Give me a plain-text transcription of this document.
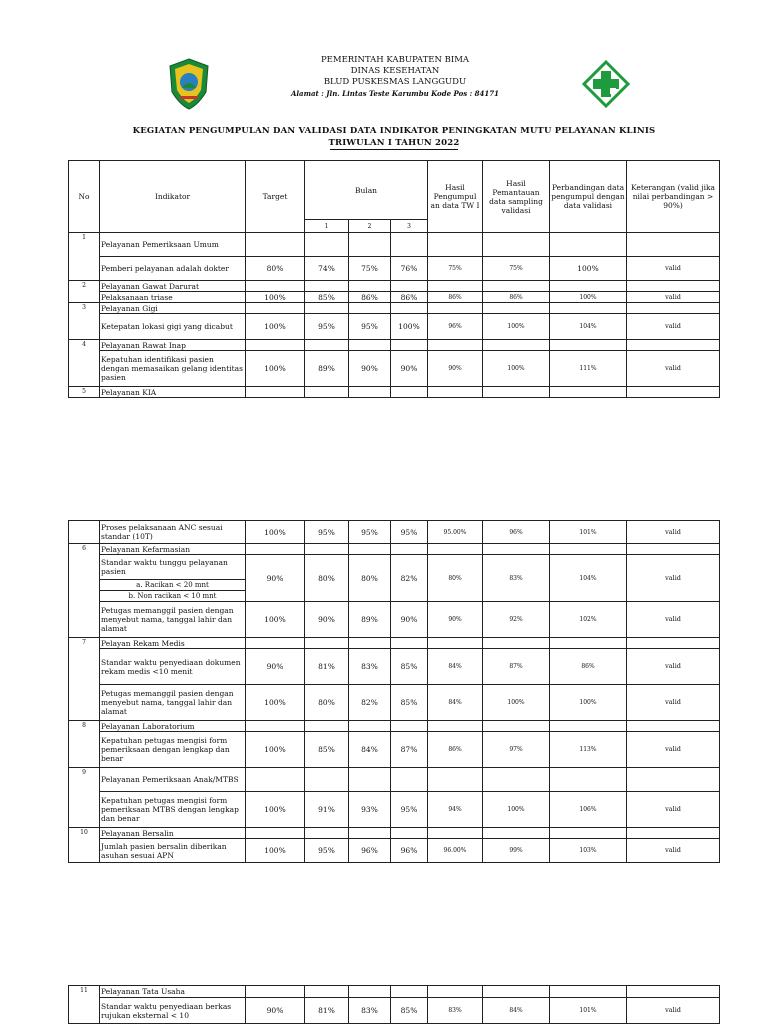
PEMERINTAH KABUPATEN BIMA
DINAS KESEHATAN
BLUD PUSKESMAS LANGGUDU
Alamat : Jln. Lintas Teste Karumbu Kode Pos : 84171
KEGIATAN PENGUMPULAN DAN VALIDASI DATA INDIKATOR PENINGKATAN MUTU PELAYANAN KLINIS
TRIWULAN I TAHUN 2022
No	Indikator	Target	Bulan			Hasil Pengumpul an data TW I	Hasil Pemantauan data sampling validasi	Perbandingan data pengumpul dengan data validasi	Keterangan (valid jika nilai perbandingan > 90%)
			1	2	3				
1	Pelayanan Pemeriksaan Umum								
	Pemberi pelayanan adalah dokter	80%	74%	75%	76%	75%	75%	100%	valid
2	Pelayanan Gawat Darurat								
	Pelaksanaan triase	100%	85%	86%	86%	86%	86%	100%	valid
3	Pelayanan Gigi								
	Ketepatan lokasi gigi yang dicabut	100%	95%	95%	100%	96%	100%	104%	valid
4	Pelayanan Rawat Inap								
	Kepatuhan identifikasi pasien dengan memasaikan gelang identitas pasien	100%	89%	90%	90%	90%	100%	111%	valid
5	Pelayanan KIA								
	Proses pelaksanaan ANC sesuai standar (10T)	100%	95%	95%	95%	95.00%	96%	101%	valid
6	Pelayanan Kefarmasian								
	Standar waktu tunggu pelayanan pasien	90%	80%	80%	82%	80%	83%	104%	valid
	a. Racikan < 20 mnt								
	b. Non racikan < 10 mnt								
	Petugas memanggil pasien dengan menyebut nama, tanggal lahir dan alamat	100%	90%	89%	90%	90%	92%	102%	valid
7	Pelayan Rekam Medis								
	Standar waktu penyediaan dokumen rekam medis <10 menit	90%	81%	83%	85%	84%	87%	86%	valid
	Petugas memanggil pasien dengan menyebut nama, tanggal lahir dan alamat	100%	80%	82%	85%	84%	100%	100%	valid
8	Pelayanan Laboratorium								
	Kepatuhan petugas mengisi form pemeriksaan dengan lengkap dan benar	100%	85%	84%	87%	86%	97%	113%	valid
9	Pelayanan Pemeriksaan Anak/MTBS								
	Kepatuhan petugas mengisi form pemeriksaan MTBS dengan lengkap dan benar	100%	91%	93%	95%	94%	100%	106%	valid
10	Pelayanan Bersalin								
	Jumlah pasien bersalin diberikan asuhan sesuai APN	100%	95%	96%	96%	96.00%	99%	103%	valid
11	Pelayanan Tata Usaha								
	Standar waktu penyediaan berkas rujukan eksternal < 10	90%	81%	83%	85%	83%	84%	101%	valid
